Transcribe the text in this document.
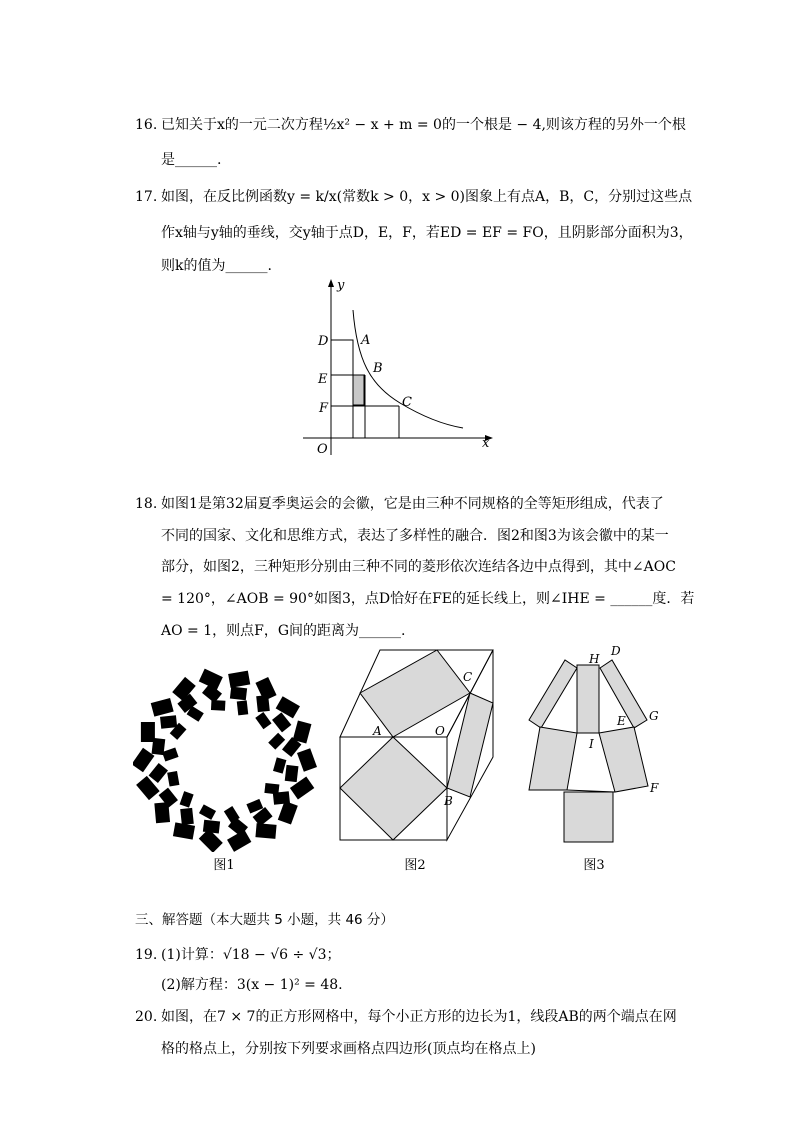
16. 已知关于x的一元二次方程½x² − x + m = 0的一个根是 − 4,则该方程的另外一个根
是______.
17. 如图，在反比例函数y = k/x(常数k > 0，x > 0)图象上有点A，B，C，分别过这些点
作x轴与y轴的垂线，交y轴于点D，E，F，若ED = EF = FO，且阴影部分面积为3，
则k的值为______.
y
x
O
D
E
F
A
B
C
18. 如图1是第32届夏季奥运会的会徽，它是由三种不同规格的全等矩形组成，代表了
不同的国家、文化和思维方式，表达了多样性的融合．图2和图3为该会徽中的某一
部分，如图2，三种矩形分别由三种不同的菱形依次连结各边中点得到，其中∠AOC
= 120°，∠AOB = 90°如图3，点D恰好在FE的延长线上，则∠IHE = ______度．若
AO = 1，则点F，G间的距离为______.
图1
A	O
C
B
图2
H
D
E G
I
F
图3
三、解答题（本大题共 5 小题，共 46 分）
19. (1)计算：√18 − √6 ÷ √3；
(2)解方程：3(x − 1)² = 48.
20. 如图，在7 × 7的正方形网格中，每个小正方形的边长为1，线段AB的两个端点在网
格的格点上，分别按下列要求画格点四边形(顶点均在格点上)
